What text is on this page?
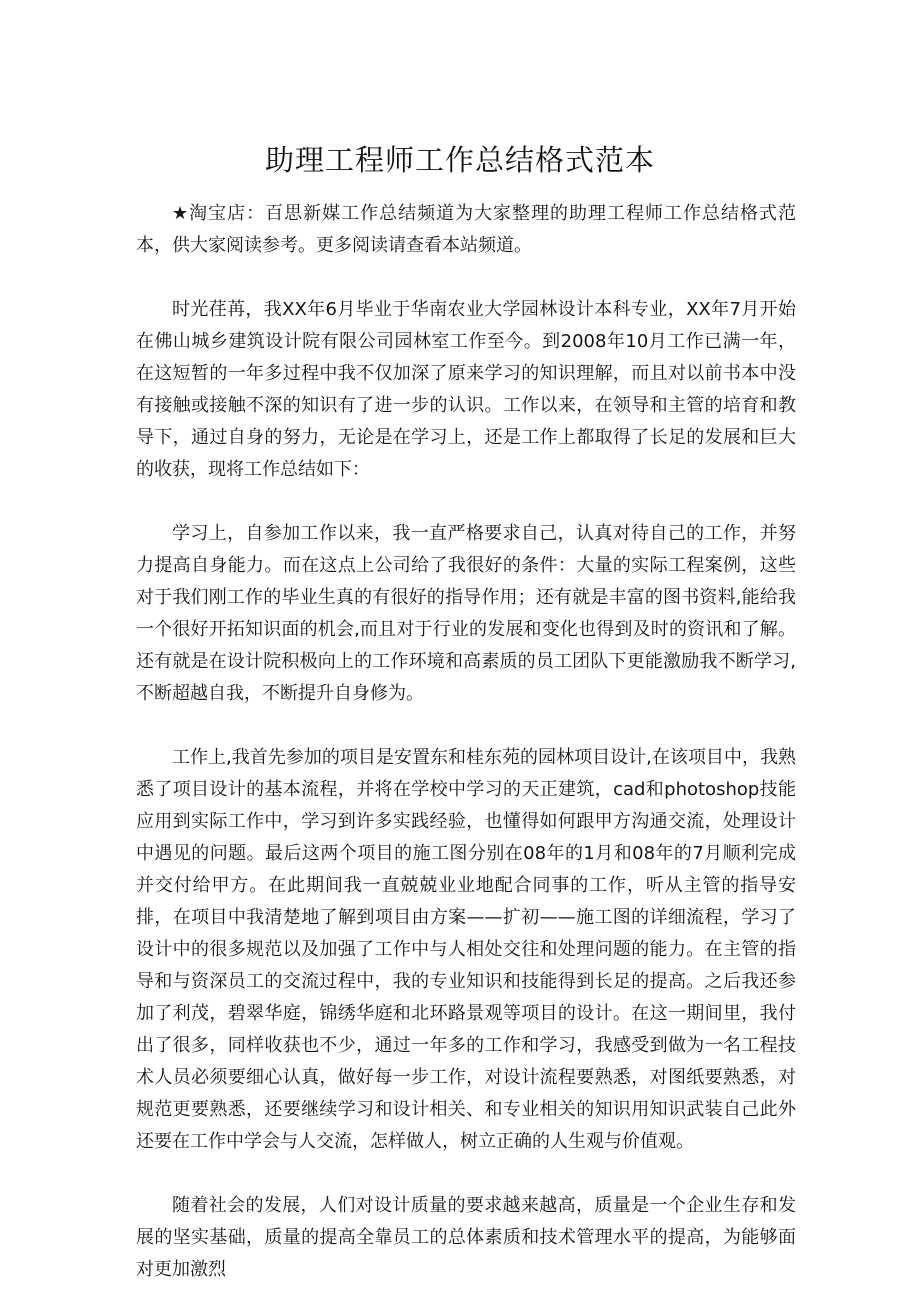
助理工程师工作总结格式范本

★淘宝店：百思新媒工作总结频道为大家整理的助理工程师工作总结格式范本，供大家阅读参考。更多阅读请查看本站频道。

时光荏苒，我XX年6月毕业于华南农业大学园林设计本科专业，XX年7月开始在佛山城乡建筑设计院有限公司园林室工作至今。到2008年10月工作已满一年，在这短暂的一年多过程中我不仅加深了原来学习的知识理解，而且对以前书本中没有接触或接触不深的知识有了进一步的认识。工作以来，在领导和主管的培育和教导下，通过自身的努力，无论是在学习上，还是工作上都取得了长足的发展和巨大的收获，现将工作总结如下：

学习上，自参加工作以来，我一直严格要求自己，认真对待自己的工作，并努力提高自身能力。而在这点上公司给了我很好的条件：大量的实际工程案例，这些对于我们刚工作的毕业生真的有很好的指导作用；还有就是丰富的图书资料,能给我一个很好开拓知识面的机会,而且对于行业的发展和变化也得到及时的资讯和了解。还有就是在设计院积极向上的工作环境和高素质的员工团队下更能激励我不断学习,不断超越自我，不断提升自身修为。

工作上,我首先参加的项目是安置东和桂东苑的园林项目设计,在该项目中，我熟悉了项目设计的基本流程，并将在学校中学习的天正建筑，cad和photoshop技能应用到实际工作中，学习到许多实践经验，也懂得如何跟甲方沟通交流，处理设计中遇见的问题。最后这两个项目的施工图分别在08年的1月和08年的7月顺利完成并交付给甲方。在此期间我一直兢兢业业地配合同事的工作，听从主管的指导安排，在项目中我清楚地了解到项目由方案——扩初——施工图的详细流程，学习了设计中的很多规范以及加强了工作中与人相处交往和处理问题的能力。在主管的指导和与资深员工的交流过程中，我的专业知识和技能得到长足的提高。之后我还参加了利茂，碧翠华庭，锦绣华庭和北环路景观等项目的设计。在这一期间里，我付出了很多，同样收获也不少，通过一年多的工作和学习，我感受到做为一名工程技术人员必须要细心认真，做好每一步工作，对设计流程要熟悉，对图纸要熟悉，对规范更要熟悉，还要继续学习和设计相关、和专业相关的知识用知识武装自己此外还要在工作中学会与人交流，怎样做人，树立正确的人生观与价值观。

随着社会的发展，人们对设计质量的要求越来越高，质量是一个企业生存和发展的坚实基础，质量的提高全靠员工的总体素质和技术管理水平的提高，为能够面对更加激烈
